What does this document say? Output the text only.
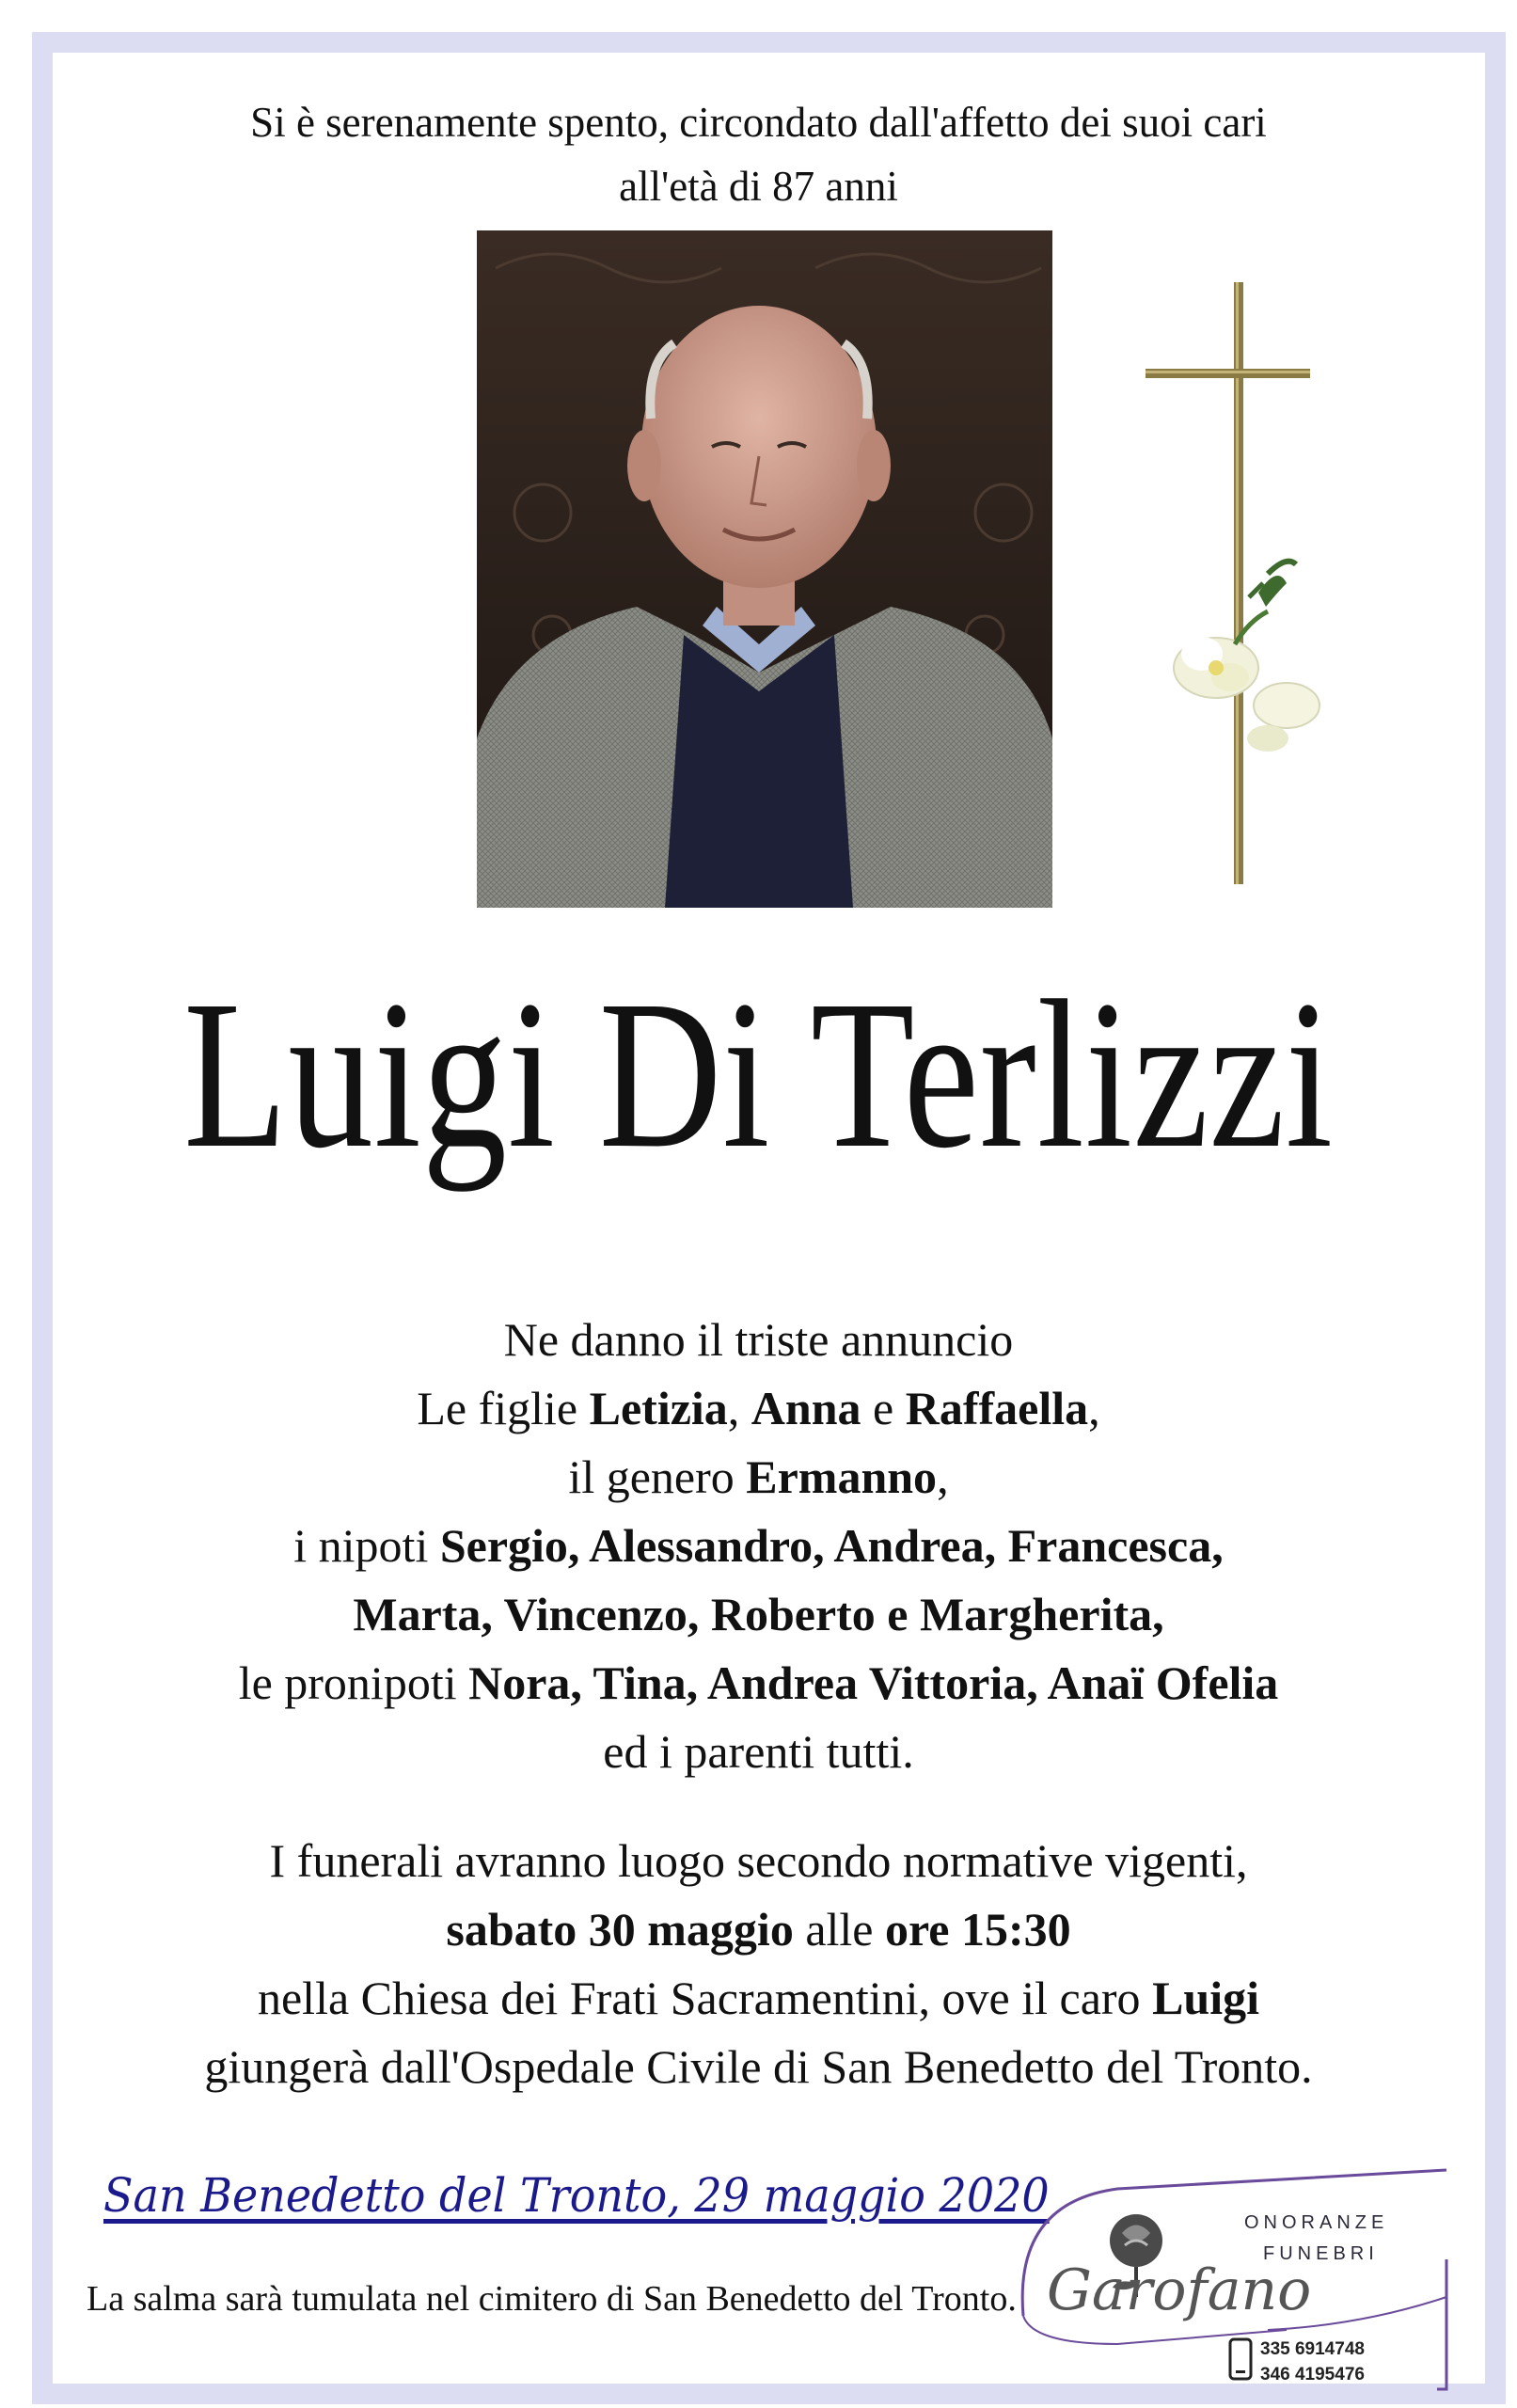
Si è serenamente spento, circondato dall'affetto dei suoi cari
all'età di 87 anni
Luigi Di Terlizzi
Ne danno il triste annuncio
Le figlie Letizia, Anna e Raffaella,
il genero Ermanno,
i nipoti Sergio, Alessandro, Andrea, Francesca,
Marta, Vincenzo, Roberto e Margherita,
le pronipoti Nora, Tina, Andrea Vittoria, Anaï Ofelia
ed i parenti tutti.
I funerali avranno luogo secondo normative vigenti,
sabato 30 maggio alle ore 15:30
nella Chiesa dei Frati Sacramentini, ove il caro Luigi
giungerà dall'Ospedale Civile di San Benedetto del Tronto.
San Benedetto del Tronto, 29 maggio 2020
La salma sarà tumulata nel cimitero di San Benedetto del Tronto.
ONORANZE
FUNEBRI
Garofano
335 6914748
346 4195476
